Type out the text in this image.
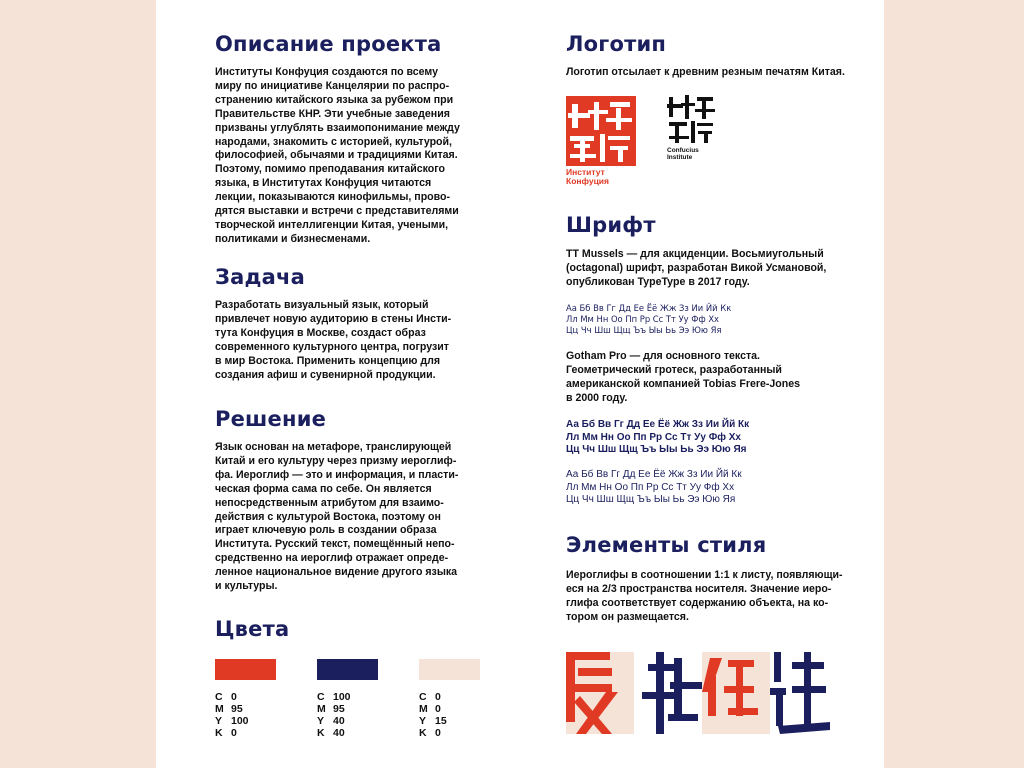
Описание проекта

Институты Конфуция создаются по всему
миру по инициативе Канцелярии по распро-
странению китайского языка за рубежом при
Правительстве КНР. Эти учебные заведения
призваны углублять взаимопонимание между
народами, знакомить с историей, культурой,
философией, обычаями и традициями Китая.
Поэтому, помимо преподавания китайского
языка, в Институтах Конфуция читаются
лекции, показываются кинофильмы, прово-
дятся выставки и встречи с представителями
творческой интеллигенции Китая, учеными,
политиками и бизнесменами.

Задача

Разработать визуальный язык, который
привлечет новую аудиторию в стены Инсти-
тута Конфуция в Москве, создаст образ
современного культурного центра, погрузит
в мир Востока. Применить концепцию для
создания афиш и сувенирной продукции.

Решение

Язык основан на метафоре, транслирующей
Китай и его культуру через призму иероглиф-
фа. Иероглиф — это и информация, и пласти-
ческая форма сама по себе. Он является
непосредственным атрибутом для взаимо-
действия с культурой Востока, поэтому он
играет ключевую роль в создании образа
Института. Русский текст, помещённый непо-
средственно на иероглиф отражает опреде-
ленное национальное видение другого языка
и культуры.

Цвета
C 0
M 95
Y 100
K 0
C 100
M 95
Y 40
K 40
C 0
M 0
Y 15
K 0
Логотип

Логотип отсылает к древним резным печатям Китая.

Институт
Конфуция
Confucius
Institute
Шрифт

TT Mussels — для акциденции. Восьмиугольный
(octagonal) шрифт, разработан Викой Усмановой,
опубликован TypeType в 2017 году.

Аа Бб Вв Гг Дд Ее Ёё Жж Зз Ии Йй Кк
Лл Мм Нн Оо Пп Рр Сс Тт Уу Фф Хх
Цц Чч Шш Щщ Ъъ Ыы Ьь Ээ Юю Яя

Gotham Pro — для основного текста.
Геометрический гротеск, разработанный
американской компанией Tobias Frere-Jones
в 2000 году.

Аа Бб Вв Гг Дд Ее Ёё Жж Зз Ии Йй Кк
Лл Мм Нн Оо Пп Рр Сс Тт Уу Фф Хх
Цц Чч Шш Щщ Ъъ Ыы Ьь Ээ Юю Яя
Аа Бб Вв Гг Дд Ее Ёё Жж Зз Ии Йй Кк
Лл Мм Нн Оо Пп Рр Сс Тт Уу Фф Хх
Цц Чч Шш Щщ Ъъ Ыы Ьь Ээ Юю Яя
Элементы стиля

Иероглифы в соотношении 1:1 к листу, появляющи-
еся на 2/3 пространства носителя. Значение иеро-
глифа соответствует содержанию объекта, на ко-
тором он размещается.
